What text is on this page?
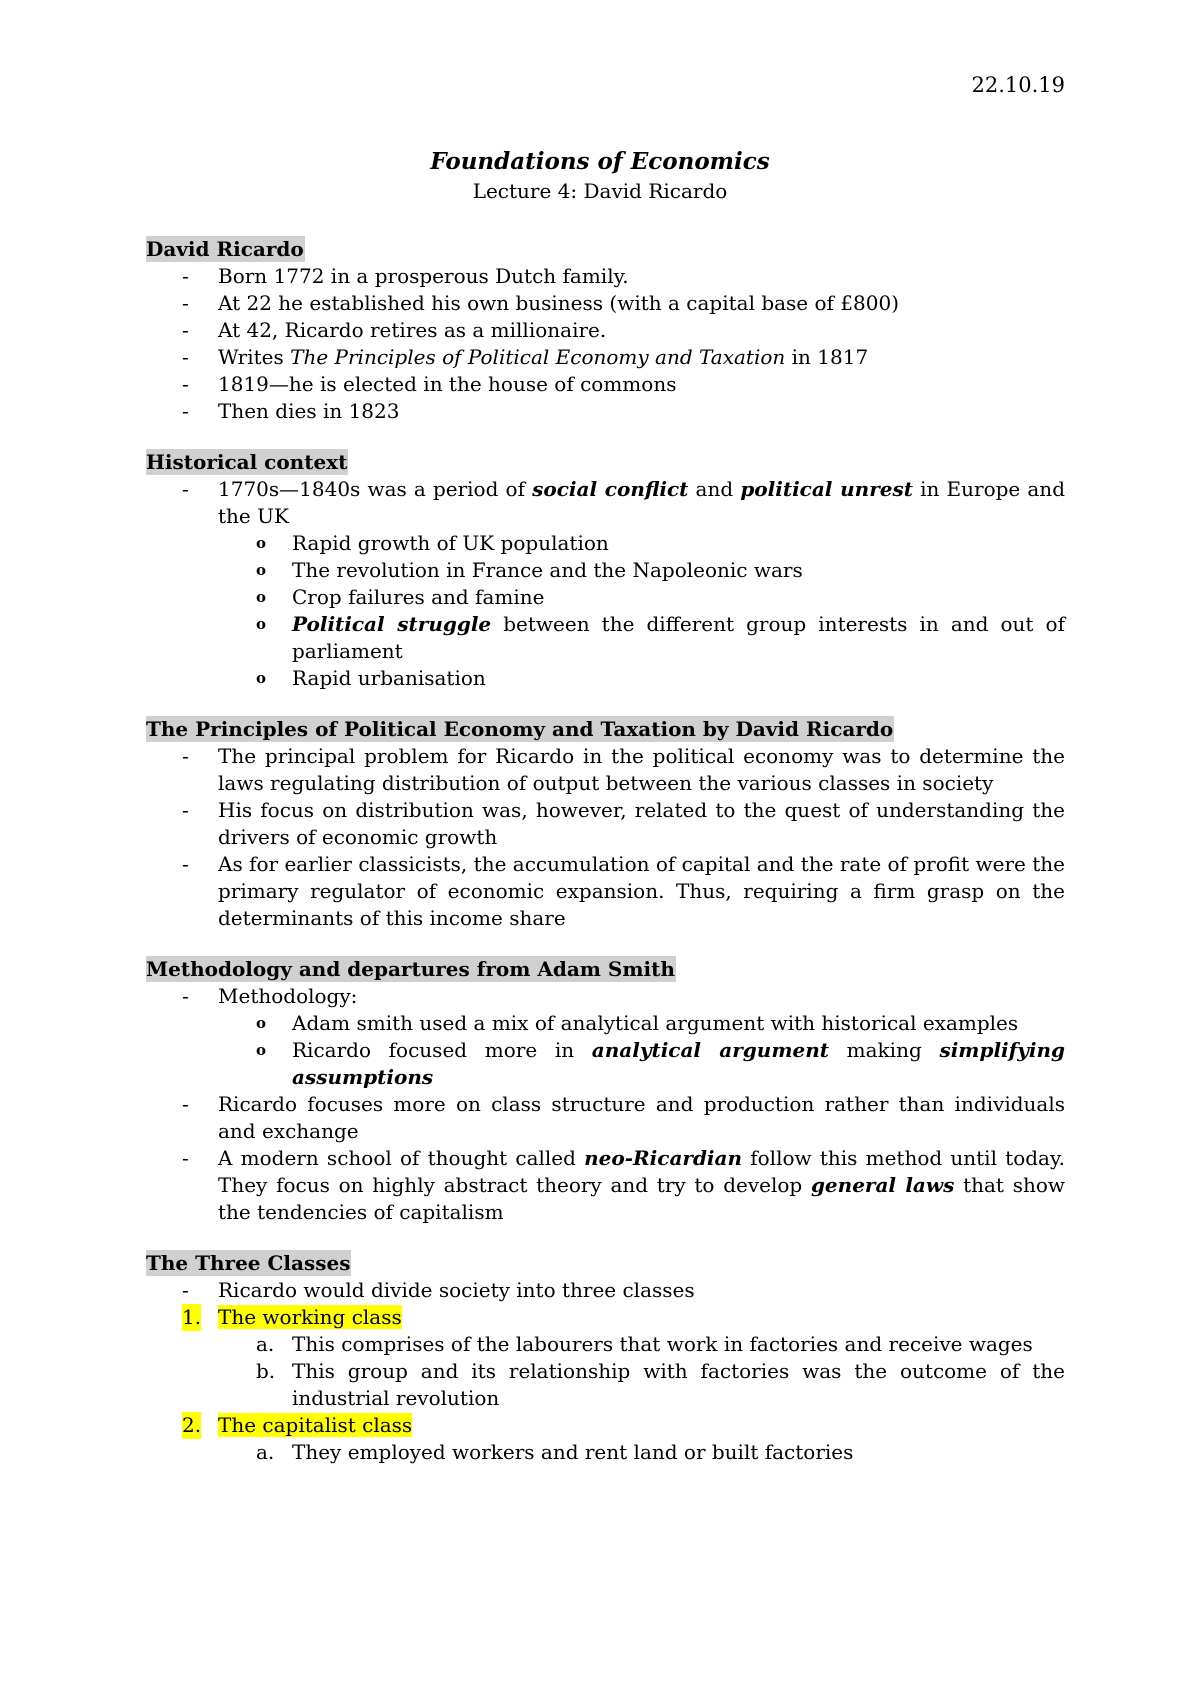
22.10.19
Foundations of Economics
Lecture 4: David Ricardo
David Ricardo
- Born 1772 in a prosperous Dutch family.
- At 22 he established his own business (with a capital base of £800)
- At 42, Ricardo retires as a millionaire.
- Writes The Principles of Political Economy and Taxation in 1817
- 1819—he is elected in the house of commons
- Then dies in 1823
Historical context
- 1770s—1840s was a period of social conflict and political unrest in Europe and the UK
o Rapid growth of UK population
o The revolution in France and the Napoleonic wars
o Crop failures and famine
o Political struggle between the different group interests in and out of parliament
o Rapid urbanisation
The Principles of Political Economy and Taxation by David Ricardo
- The principal problem for Ricardo in the political economy was to determine the laws regulating distribution of output between the various classes in society
- His focus on distribution was, however, related to the quest of understanding the drivers of economic growth
- As for earlier classicists, the accumulation of capital and the rate of profit were the primary regulator of economic expansion. Thus, requiring a firm grasp on the determinants of this income share
Methodology and departures from Adam Smith
- Methodology:
o Adam smith used a mix of analytical argument with historical examples
o Ricardo focused more in analytical argument making simplifying assumptions
- Ricardo focuses more on class structure and production rather than individuals and exchange
- A modern school of thought called neo-Ricardian follow this method until today. They focus on highly abstract theory and try to develop general laws that show the tendencies of capitalism
The Three Classes
- Ricardo would divide society into three classes
1. The working class
a. This comprises of the labourers that work in factories and receive wages
b. This group and its relationship with factories was the outcome of the industrial revolution
2. The capitalist class
a. They employed workers and rent land or built factories
